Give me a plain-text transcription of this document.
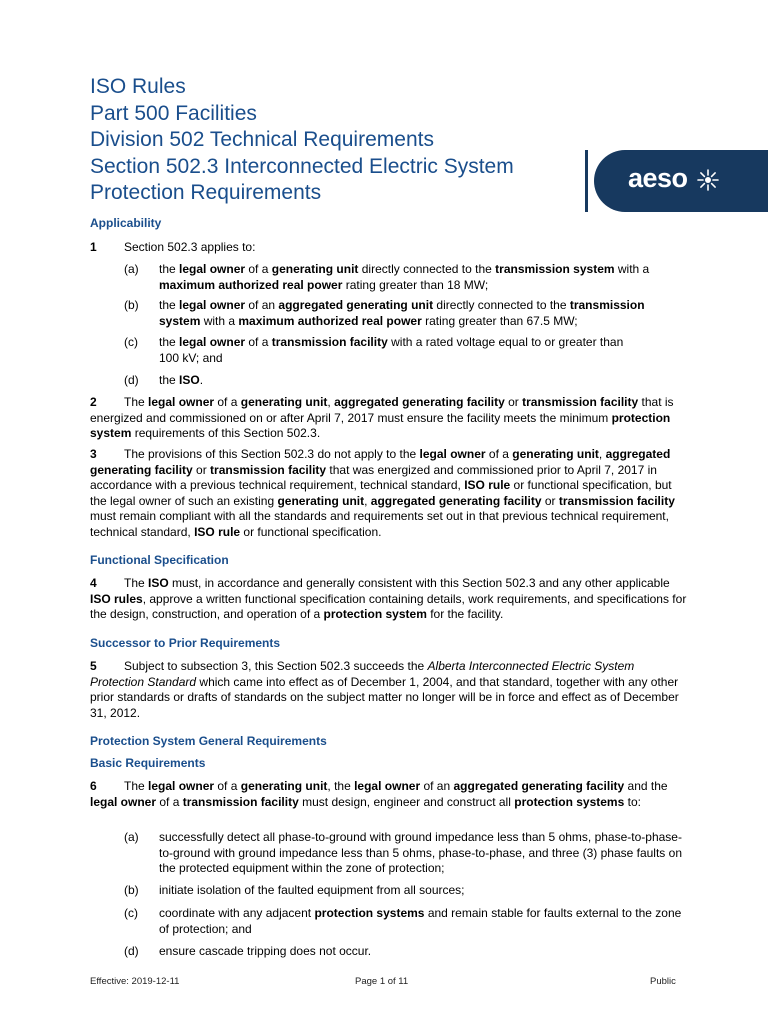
ISO Rules
Part 500 Facilities
Division 502 Technical Requirements
Section 502.3 Interconnected Electric System
Protection Requirements	aeso
Applicability
1 Section 502.3 applies to:
(a) the legal owner of a generating unit directly connected to the transmission system with a maximum authorized real power rating greater than 18 MW;
(b) the legal owner of an aggregated generating unit directly connected to the transmission system with a maximum authorized real power rating greater than 67.5 MW;
(c) the legal owner of a transmission facility with a rated voltage equal to or greater than
100 kV; and
(d) the ISO.
2 The legal owner of a generating unit, aggregated generating facility or transmission facility that is energized and commissioned on or after April 7, 2017 must ensure the facility meets the minimum protection system requirements of this Section 502.3.
3 The provisions of this Section 502.3 do not apply to the legal owner of a generating unit, aggregated generating facility or transmission facility that was energized and commissioned prior to April 7, 2017 in accordance with a previous technical requirement, technical standard, ISO rule or functional specification, but the legal owner of such an existing generating unit, aggregated generating facility or transmission facility must remain compliant with all the standards and requirements set out in that previous technical requirement, technical standard, ISO rule or functional specification.
Functional Specification
4 The ISO must, in accordance and generally consistent with this Section 502.3 and any other applicable ISO rules, approve a written functional specification containing details, work requirements, and specifications for the design, construction, and operation of a protection system for the facility.
Successor to Prior Requirements
5 Subject to subsection 3, this Section 502.3 succeeds the Alberta Interconnected Electric System Protection Standard which came into effect as of December 1, 2004, and that standard, together with any other prior standards or drafts of standards on the subject matter no longer will be in force and effect as of December 31, 2012.
Protection System General Requirements
Basic Requirements
6 The legal owner of a generating unit, the legal owner of an aggregated generating facility and the legal owner of a transmission facility must design, engineer and construct all protection systems to:
(a) successfully detect all phase-to-ground with ground impedance less than 5 ohms, phase-to-phase-to-ground with ground impedance less than 5 ohms, phase-to-phase, and three (3) phase faults on the protected equipment within the zone of protection;
(b) initiate isolation of the faulted equipment from all sources;
(c) coordinate with any adjacent protection systems and remain stable for faults external to the zone of protection; and
(d) ensure cascade tripping does not occur.
Effective: 2019-12-11	Page 1 of 11	Public
